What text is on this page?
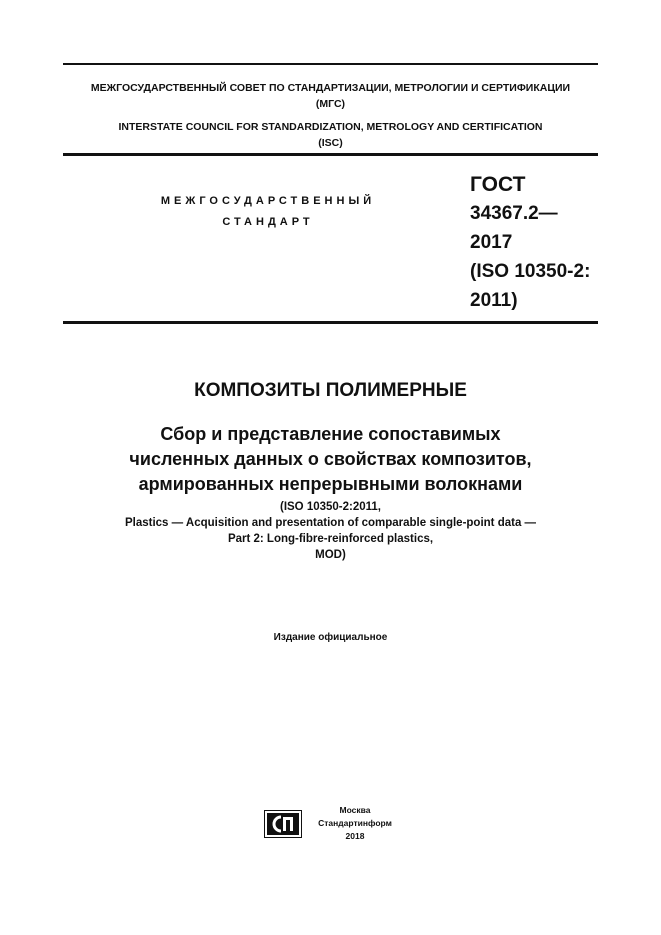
МЕЖГОСУДАРСТВЕННЫЙ СОВЕТ ПО СТАНДАРТИЗАЦИИ, МЕТРОЛОГИИ И СЕРТИФИКАЦИИ
(МГС)
INTERSTATE COUNCIL FOR STANDARDIZATION, METROLOGY AND CERTIFICATION
(ISC)
МЕЖГОСУДАРСТВЕННЫЙ
СТАНДАРТ
ГОСТ
34367.2—
2017
(ISO 10350-2:
2011)
КОМПОЗИТЫ ПОЛИМЕРНЫЕ
Сбор и представление сопоставимых
численных данных о свойствах композитов,
армированных непрерывными волокнами
(ISO 10350-2:2011,
Plastics — Acquisition and presentation of comparable single-point data —
Part 2: Long-fibre-reinforced plastics,
MOD)
Издание официальное
Москва
Стандартинформ
2018
